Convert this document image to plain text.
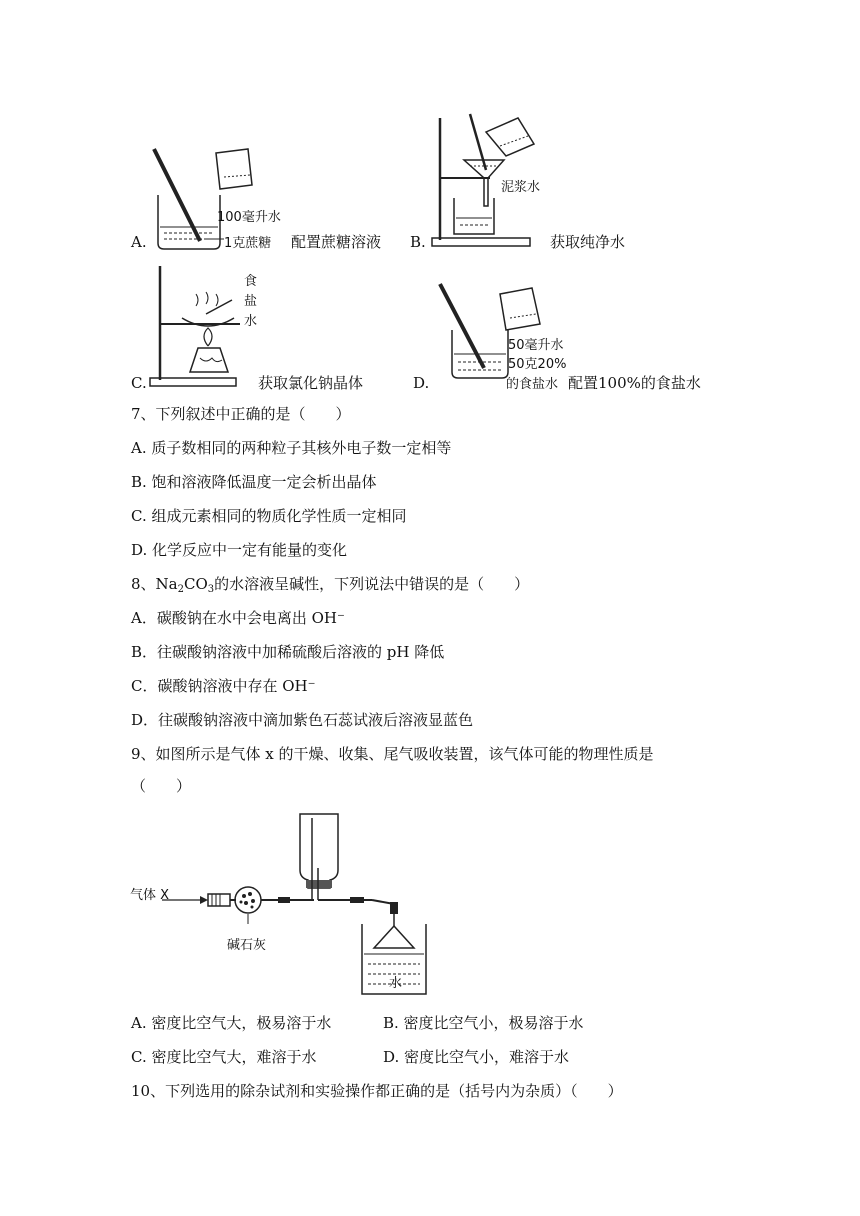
100毫升水
1克蔗糖
A.	配置蔗糖溶液
泥浆水
B.	获取纯净水
食
盐
水
C.	获取氯化钠晶体
50毫升水
50克20%
的食盐水
D.	配置100%的食盐水
7、下列叙述中正确的是（　　）
A. 质子数相同的两种粒子其核外电子数一定相等
B. 饱和溶液降低温度一定会析出晶体
C. 组成元素相同的物质化学性质一定相同
D. 化学反应中一定有能量的变化
8、$Na_2CO_3$的水溶液呈碱性，下列说法中错误的是（　　）
A．碳酸钠在水中会电离出 OH⁻
B．往碳酸钠溶液中加稀硫酸后溶液的 pH 降低
C．碳酸钠溶液中存在 OH⁻
D．往碳酸钠溶液中滴加紫色石蕊试液后溶液显蓝色
9、如图所示是气体 x 的干燥、收集、尾气吸收装置，该气体可能的物理性质是
（　　）
气体 X
碱石灰
水
A. 密度比空气大，极易溶于水	B. 密度比空气小，极易溶于水
C. 密度比空气大，难溶于水	D. 密度比空气小，难溶于水
10、下列选用的除杂试剂和实验操作都正确的是（括号内为杂质）（　　）
